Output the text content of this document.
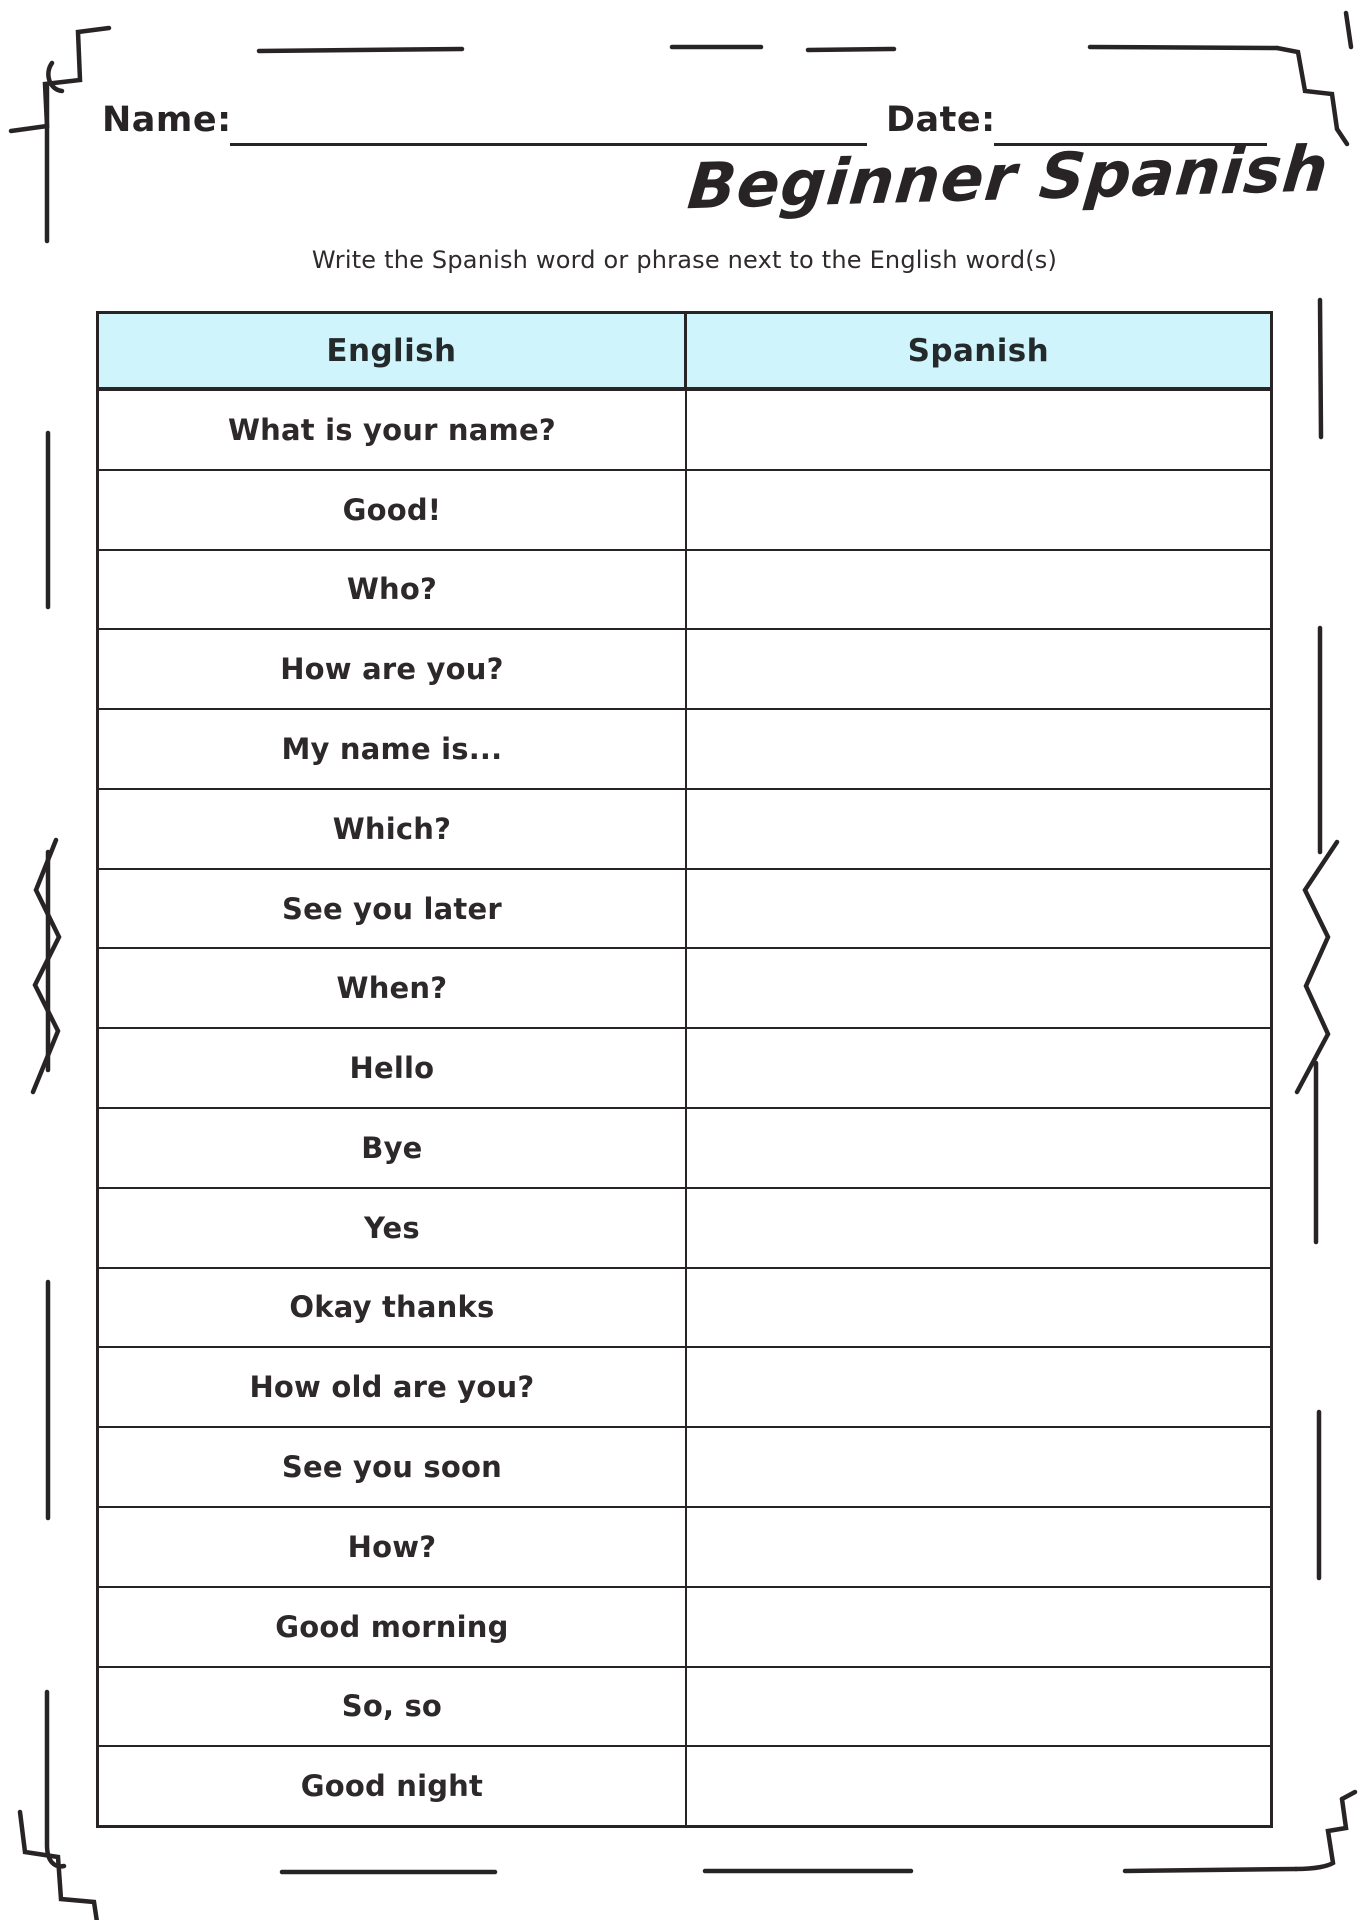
Name:	Date:
Beginner Spanish
Write the Spanish word or phrase next to the English word(s)
English	Spanish
What is your name?
Good!
Who?
How are you?
My name is...
Which?
See you later
When?
Hello
Bye
Yes
Okay thanks
How old are you?
See you soon
How?
Good morning
So, so
Good night
